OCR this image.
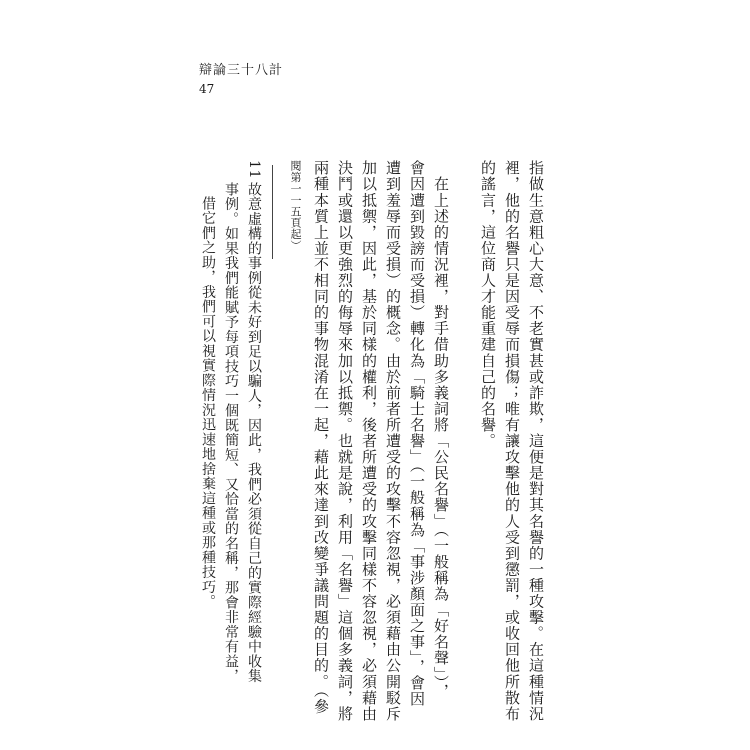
辯論三十八計
47
指做生意粗心大意、不老實甚或詐欺，這便是對其名譽的一種攻擊。在這種情況
裡，他的名譽只是因受辱而損傷；唯有讓攻擊他的人受到懲罰，或收回他所散布
的謠言，這位商人才能重建自己的名譽。
　在上述的情況裡，對手借助多義詞將「公民名譽」（一般稱為「好名聲」），
會因遭到毀謗而受損）轉化為「騎士名譽」（一般稱為「事涉顏面之事」，會因
遭到羞辱而受損）的概念。由於前者所遭受的攻擊不容忽視，必須藉由公開駁斥
加以抵禦，因此，基於同樣的權利，後者所遭受的攻擊同樣不容忽視，必須藉由
決鬥或還以更強烈的侮辱來加以抵禦。也就是說，利用「名譽」這個多義詞，將
兩種本質上並不相同的事物混淆在一起，藉此來達到改變爭議問題的目的。（參
閱第一一五頁起）
11
故意虛構的事例從未好到足以騙人，因此，我們必須從自己的實際經驗中收集
事例。如果我們能賦予每項技巧一個既簡短、又恰當的名稱，那會非常有益，
借它們之助，我們可以視實際情況迅速地捨棄這種或那種技巧。
